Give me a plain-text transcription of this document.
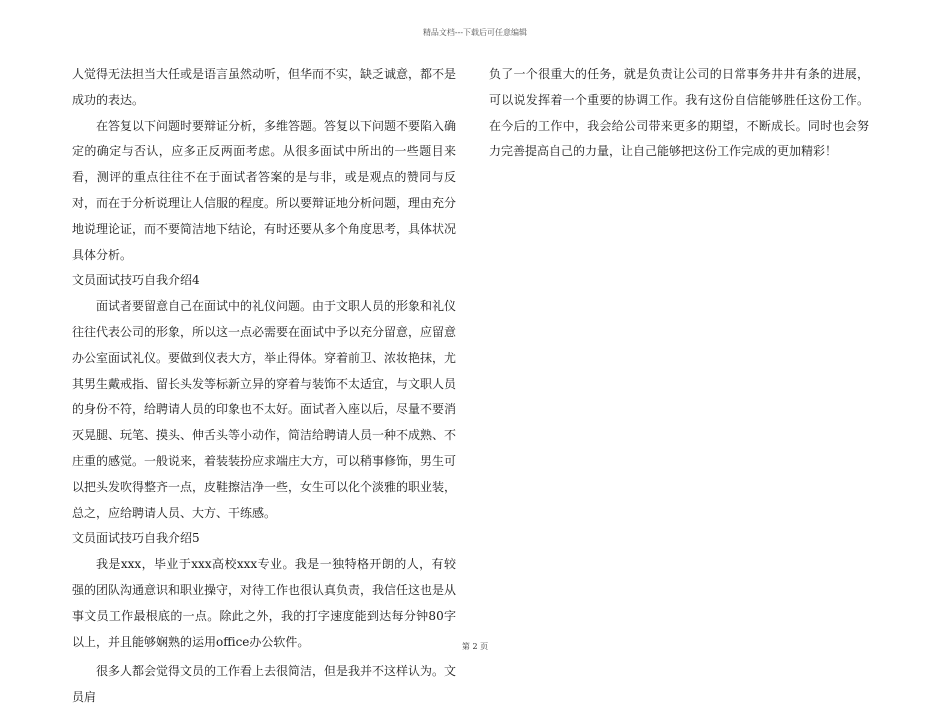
精品文档---下载后可任意编辑

人觉得无法担当大任或是语言虽然动听，但华而不实，缺乏诚意，都不是成功的表达。

在答复以下问题时要辩证分析，多维答题。答复以下问题不要陷入确定的确定与否认，应多正反两面考虑。从很多面试中所出的一些题目来看，测评的重点往往不在于面试者答案的是与非，或是观点的赞同与反对，而在于分析说理让人信服的程度。所以要辩证地分析问题，理由充分地说理论证，而不要简洁地下结论，有时还要从多个角度思考，具体状况具体分析。

文员面试技巧自我介绍4

面试者要留意自己在面试中的礼仪问题。由于文职人员的形象和礼仪往往代表公司的形象，所以这一点必需要在面试中予以充分留意，应留意办公室面试礼仪。要做到仪表大方，举止得体。穿着前卫、浓妆艳抹，尤其男生戴戒指、留长头发等标新立异的穿着与装饰不太适宜，与文职人员的身份不符，给聘请人员的印象也不太好。面试者入座以后，尽量不要消灭晃腿、玩笔、摸头、伸舌头等小动作，简洁给聘请人员一种不成熟、不庄重的感觉。一般说来，着装装扮应求端庄大方，可以稍事修饰，男生可以把头发吹得整齐一点，皮鞋擦洁净一些，女生可以化个淡雅的职业装，总之，应给聘请人员、大方、干练感。

文员面试技巧自我介绍5

我是xxx，毕业于xxx高校xxx专业。我是一独特格开朗的人，有较强的团队沟通意识和职业操守，对待工作也很认真负责，我信任这也是从事文员工作最根底的一点。除此之外，我的打字速度能到达每分钟80字以上，并且能够娴熟的运用office办公软件。

很多人都会觉得文员的工作看上去很简洁，但是我并不这样认为。文员肩

负了一个很重大的任务，就是负责让公司的日常事务井井有条的进展，可以说发挥着一个重要的协调工作。我有这份自信能够胜任这份工作。在今后的工作中，我会给公司带来更多的期望，不断成长。同时也会努力完善提高自己的力量，让自己能够把这份工作完成的更加精彩！

第 2 页
